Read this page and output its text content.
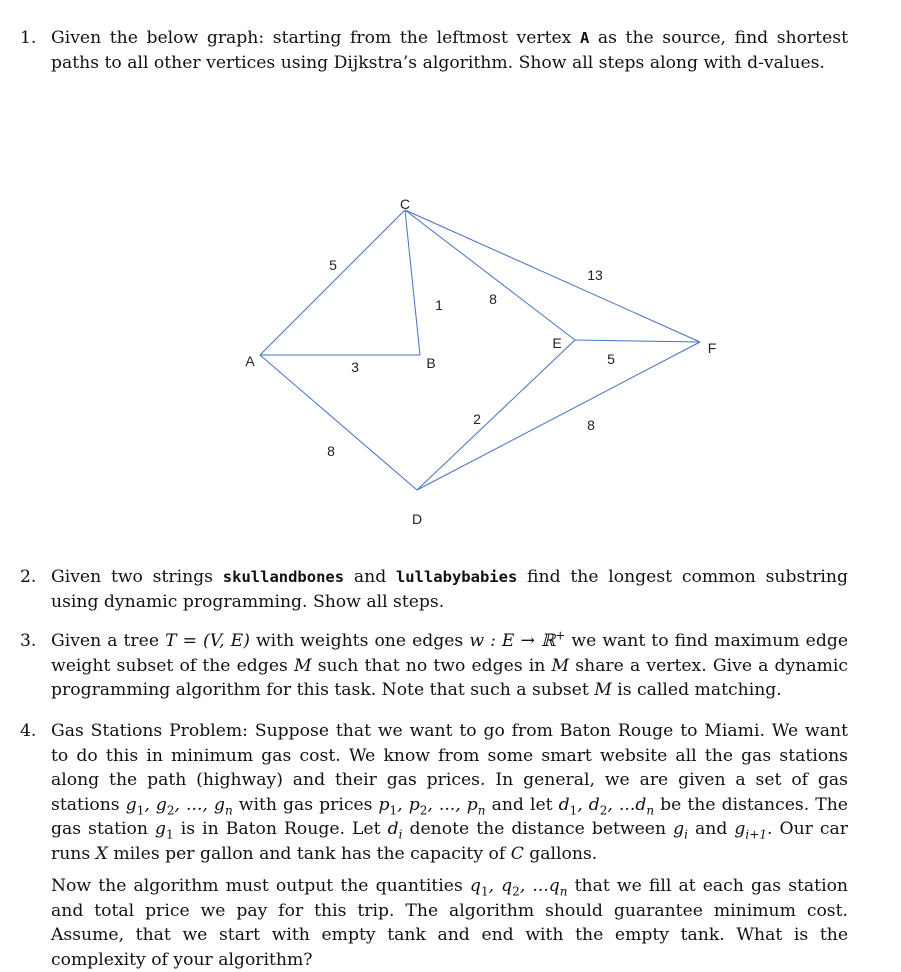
1. Given the below graph: starting from the leftmost vertex A as the source, find shortest paths to all other vertices using Dijkstra’s algorithm. Show all steps along with d-values.

5
3
8
1	8
13
5
2	8
A	B
C
D
E	F
2. Given two strings skullandbones and lullabybabies find the longest common substring using dynamic programming. Show all steps.

3. Given a tree T = (V, E) with weights one edges w : E → ℝ+ we want to find maximum edge weight subset of the edges M such that no two edges in M share a vertex. Give a dynamic programming algorithm for this task. Note that such a subset M is called matching.

4. Gas Stations Problem: Suppose that we want to go from Baton Rouge to Miami. We want to do this in minimum gas cost. We know from some smart website all the gas stations along the path (highway) and their gas prices. In general, we are given a set of gas stations $g_1$, $g_2$, ..., $g_n$ with gas prices $p_1$, $p_2$, ..., $p_n$ and let $d_1$, $d_2$, $...d_n$ be the distances. The gas station $g_1$ is in Baton Rouge. Let $d_i$ denote the distance between $g_i$ and $g_{i+1}$. Our car runs X miles per gallon and tank has the capacity of C gallons.

Now the algorithm must output the quantities $q_1$, $q_2$, $...q_n$ that we fill at each gas station and total price we pay for this trip. The algorithm should guarantee minimum cost. Assume, that we start with empty tank and end with the empty tank. What is the complexity of your algorithm?
